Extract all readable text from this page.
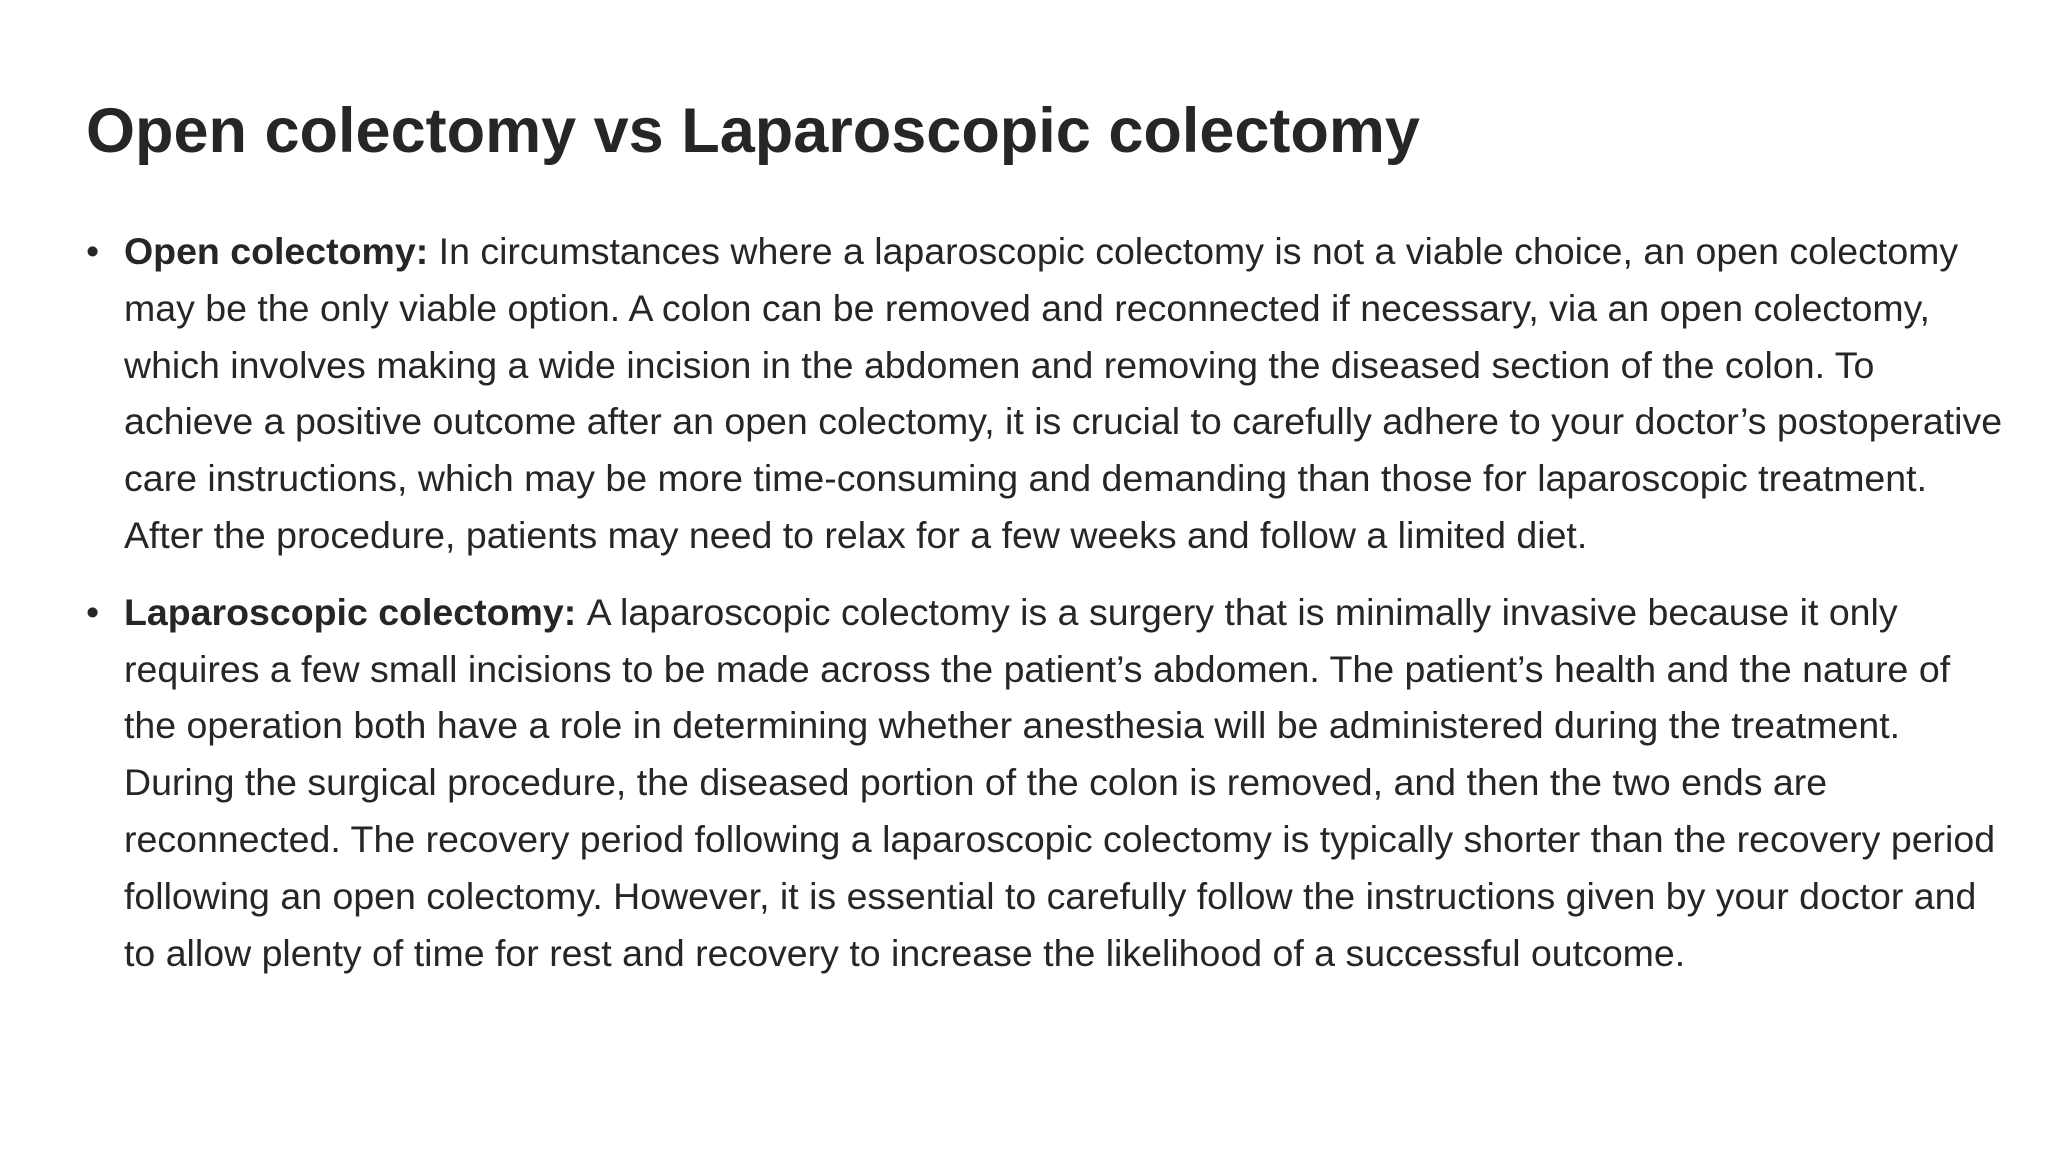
Open colectomy vs Laparoscopic colectomy
• Open colectomy: In circumstances where a laparoscopic colectomy is not a viable choice, an open colectomy may be the only viable option. A colon can be removed and reconnected if necessary, via an open colectomy, which involves making a wide incision in the abdomen and removing the diseased section of the colon. To achieve a positive outcome after an open colectomy, it is crucial to carefully adhere to your doctor’s postoperative care instructions, which may be more time-consuming and demanding than those for laparoscopic treatment. After the procedure, patients may need to relax for a few weeks and follow a limited diet.
• Laparoscopic colectomy: A laparoscopic colectomy is a surgery that is minimally invasive because it only requires a few small incisions to be made across the patient’s abdomen. The patient’s health and the nature of the operation both have a role in determining whether anesthesia will be administered during the treatment. During the surgical procedure, the diseased portion of the colon is removed, and then the two ends are reconnected. The recovery period following a laparoscopic colectomy is typically shorter than the recovery period following an open colectomy. However, it is essential to carefully follow the instructions given by your doctor and to allow plenty of time for rest and recovery to increase the likelihood of a successful outcome.
